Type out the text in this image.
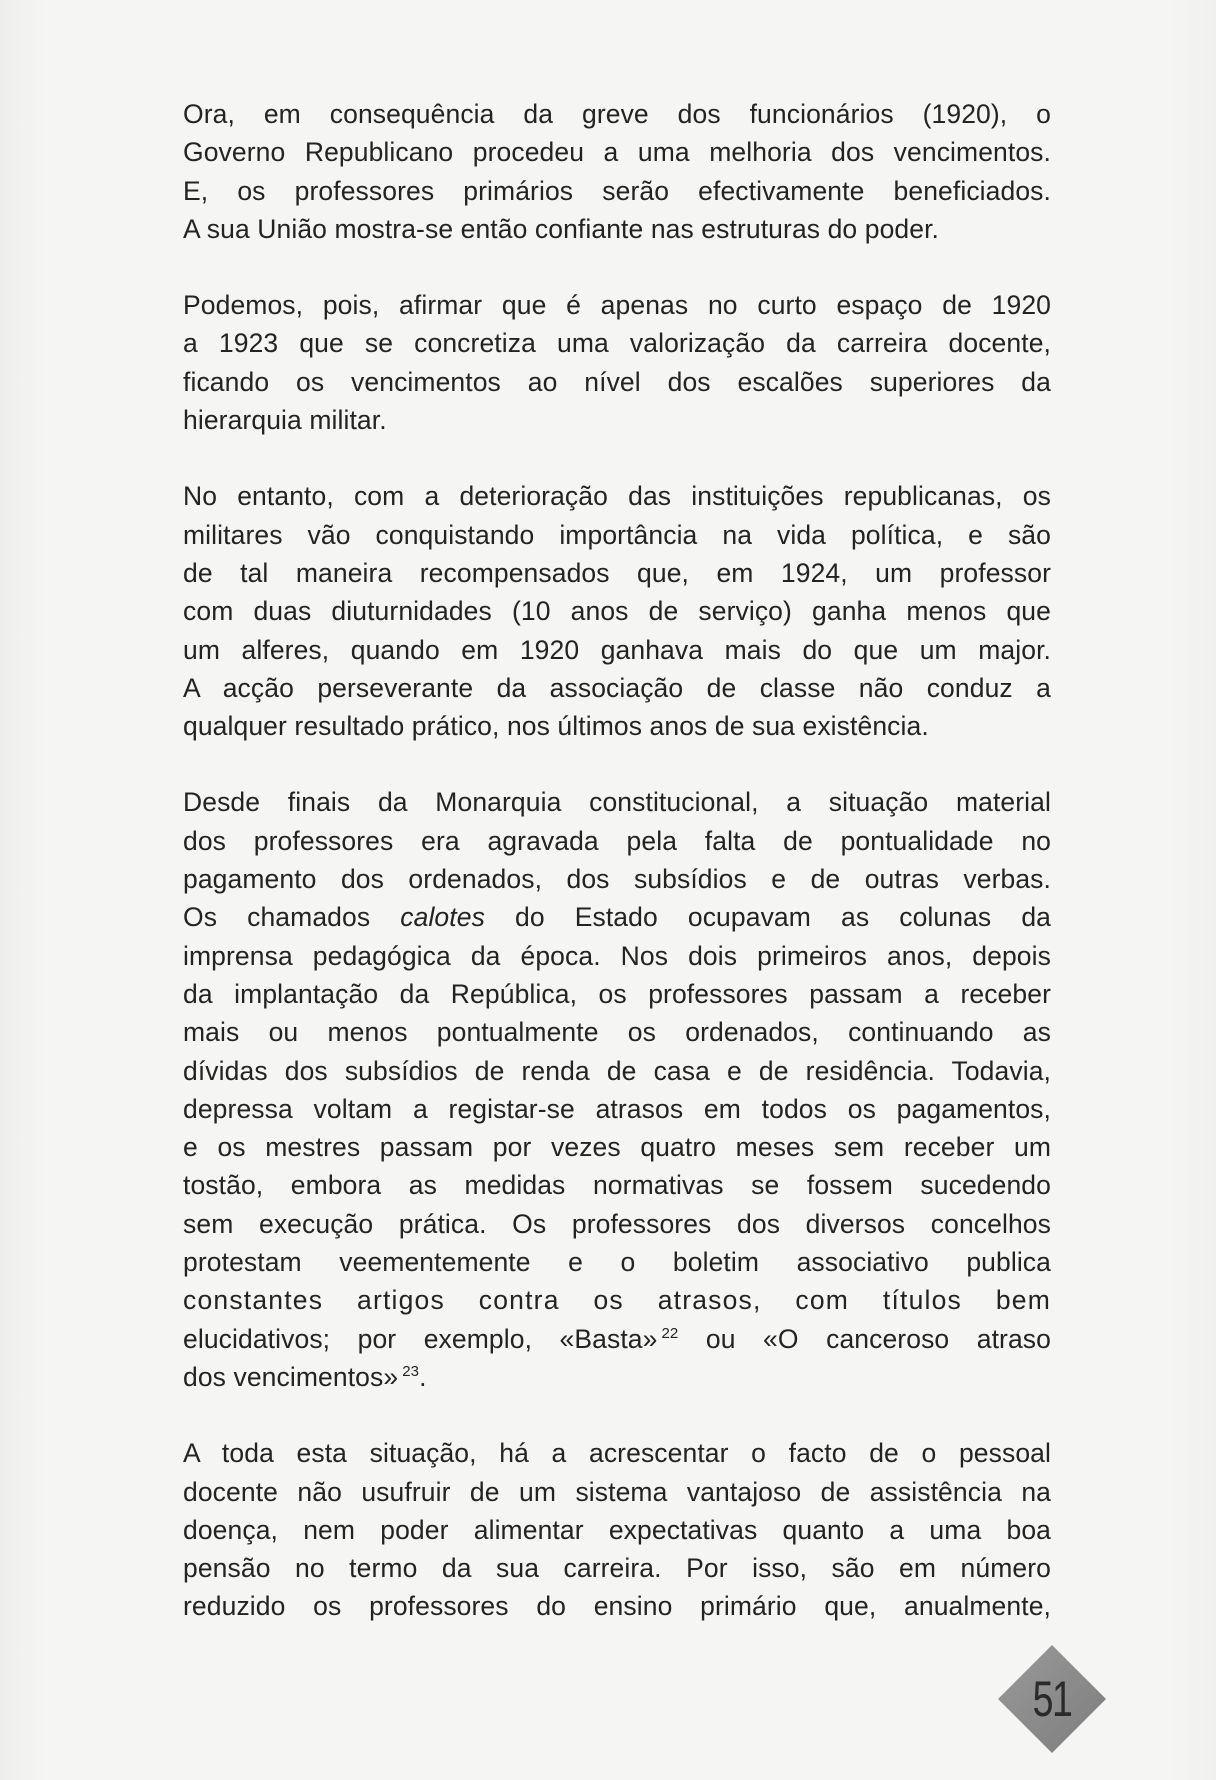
Ora, em consequência da greve dos funcionários (1920), o
Governo Republicano procedeu a uma melhoria dos vencimentos.
E, os professores primários serão efectivamente beneficiados.
A sua União mostra-se então confiante nas estruturas do poder.

Podemos, pois, afirmar que é apenas no curto espaço de 1920
a 1923 que se concretiza uma valorização da carreira docente,
ficando os vencimentos ao nível dos escalões superiores da
hierarquia militar.

No entanto, com a deterioração das instituições republicanas, os
militares vão conquistando importância na vida política, e são
de tal maneira recompensados que, em 1924, um professor
com duas diuturnidades (10 anos de serviço) ganha menos que
um alferes, quando em 1920 ganhava mais do que um major.
A acção perseverante da associação de classe não conduz a
qualquer resultado prático, nos últimos anos de sua existência.

Desde finais da Monarquia constitucional, a situação material
dos professores era agravada pela falta de pontualidade no
pagamento dos ordenados, dos subsídios e de outras verbas.
Os chamados calotes do Estado ocupavam as colunas da
imprensa pedagógica da época. Nos dois primeiros anos, depois
da implantação da República, os professores passam a receber
mais ou menos pontualmente os ordenados, continuando as
dívidas dos subsídios de renda de casa e de residência. Todavia,
depressa voltam a registar-se atrasos em todos os pagamentos,
e os mestres passam por vezes quatro meses sem receber um
tostão, embora as medidas normativas se fossem sucedendo
sem execução prática. Os professores dos diversos concelhos
protestam veementemente e o boletim associativo publica
constantes artigos contra os atrasos, com títulos bem
elucidativos; por exemplo, «Basta» $^{22}$ ou «O canceroso atraso
dos vencimentos» $^{23}$.

A toda esta situação, há a acrescentar o facto de o pessoal
docente não usufruir de um sistema vantajoso de assistência na
doença, nem poder alimentar expectativas quanto a uma boa
pensão no termo da sua carreira. Por isso, são em número
reduzido os professores do ensino primário que, anualmente,

51
